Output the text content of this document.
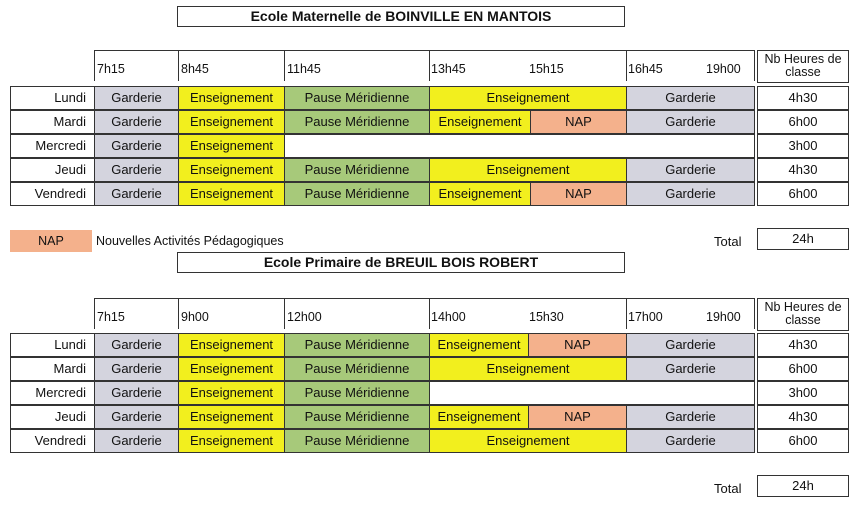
Ecole Maternelle de BOINVILLE EN MANTOIS
7h15	8h45	11h45	13h45	15h15	16h45	19h00
Nb Heures de classe
Lundi	Garderie	Enseignement	Pause Méridienne	Enseignement	Garderie	4h30
Mardi	Garderie	Enseignement	Pause Méridienne	Enseignement	NAP	Garderie	6h00
Mercredi	Garderie	Enseignement	3h00
Jeudi	Garderie	Enseignement	Pause Méridienne	Enseignement	Garderie	4h30
Vendredi	Garderie	Enseignement	Pause Méridienne	Enseignement	NAP	Garderie	6h00
Total	24h
NAP	Nouvelles Activités Pédagogiques
Ecole Primaire de BREUIL BOIS ROBERT
7h15	9h00	12h00	14h00	15h30	17h00	19h00
Nb Heures de classe
Lundi	Garderie	Enseignement	Pause Méridienne	Enseignement	NAP	Garderie	4h30
Mardi	Garderie	Enseignement	Pause Méridienne	Enseignement	Garderie	6h00
Mercredi	Garderie	Enseignement	Pause Méridienne	3h00
Jeudi	Garderie	Enseignement	Pause Méridienne	Enseignement	NAP	Garderie	4h30
Vendredi	Garderie	Enseignement	Pause Méridienne	Enseignement	Garderie	6h00
Total	24h
